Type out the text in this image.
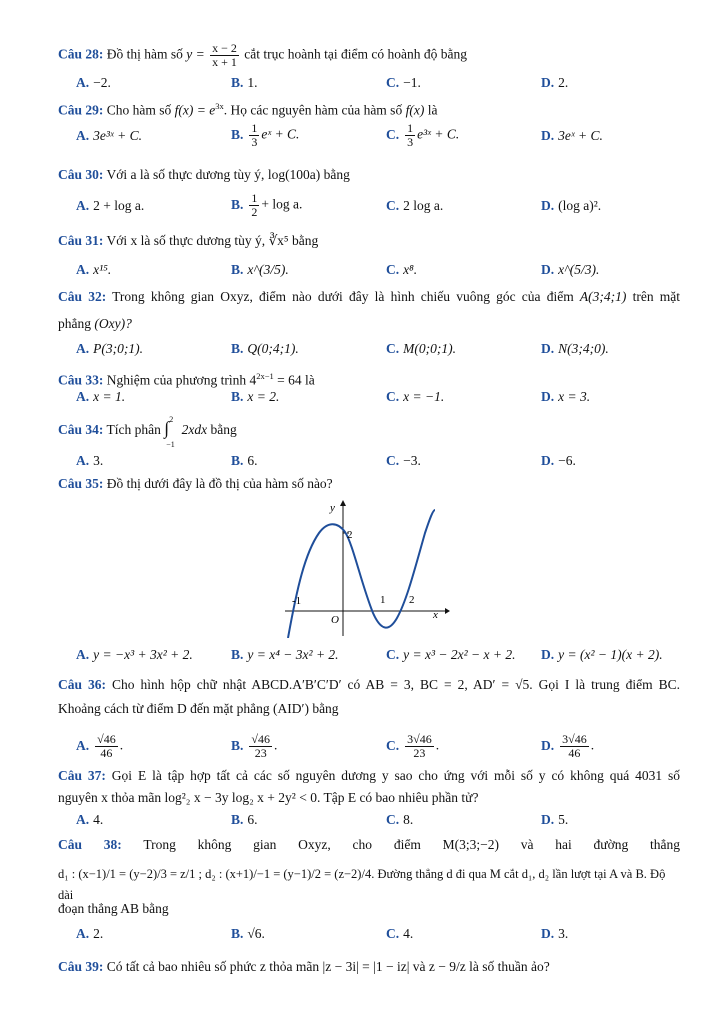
Câu 28: Đồ thị hàm số $y = \frac{x - 2}{x + 1}$ cắt trục hoành tại điểm có hoành độ bằng
A. −2.	B. 1.	C. −1.	D. 2.
Câu 29: Cho hàm số $f(x) = e^{3x}$. Họ các nguyên hàm của hàm số f(x) là
A. 3e³ˣ + C.	B. $\frac{1}{3}$ eˣ + C.	C. $\frac{1}{3}$ e³ˣ + C.	D. 3eˣ + C.
Câu 30: Với a là số thực dương tùy ý, log(100a) bằng
A. 2 + log a.	B. $\frac{1}{2} + \log a$.	C. 2 log a.	D. (log a)².
Câu 31: Với x là số thực dương tùy ý, ∛x⁵ bằng
A. x¹⁵.	B. x^(3/5).	C. x⁸.	D. x^(5/3).
Câu 32: Trong không gian Oxyz, điểm nào dưới đây là hình chiếu vuông góc của điểm A(3;4;1) trên mặt
phẳng (Oxy)?
A. P(3;0;1).	B. Q(0;4;1).	C. M(0;0;1).	D. N(3;4;0).
Câu 33: Nghiệm của phương trình $4^{2x-1} = 64$ là
A. x = 1.	B. x = 2.	C. x = −1.	D. x = 3.
Câu 34: Tích phân ∫ 2
−1
2xdx bằng
A. 3.	B. 6.	C. −3.	D. −6.
Câu 35: Đồ thị dưới đây là đồ thị của hàm số nào?
y
x
O
-1
2
1 2
A. y = −x³ + 3x² + 2.	B. y = x⁴ − 3x² + 2.	C. y = x³ − 2x² − x + 2. D. y = (x² − 1)(x + 2).
Câu 36: Cho hình hộp chữ nhật ABCD.A′B′C′D′ có AB = 3, BC = 2, AD′ = √5. Gọi I là trung điểm BC.
Khoảng cách từ điểm D đến mặt phẳng (AID′) bằng
A. $\frac{√46}{46}$ .	B. $\frac{√46}{23}$ .	C. $\frac{3√46}{23}$ .	D. $\frac{3√46}{46}$ .
Câu 37: Gọi E là tập hợp tất cả các số nguyên dương y sao cho ứng với mỗi số y có không quá 4031 số
nguyên x thỏa mãn log²₂ x − 3y log₂ x + 2y² < 0. Tập E có bao nhiêu phần tử?
A. 4.	B. 6.	C. 8.	D. 5.
Câu 38: Trong không gian Oxyz, cho điểm M(3;3;−2) và hai đường thẳng
d₁ : (x−1)/1 = (y−2)/3 = z/1 ; d₂ : (x+1)/−1 = (y−1)/2 = (z−2)/4. Đường thẳng d đi qua M cắt d₁, d₂ lần lượt tại A và B. Độ dài
đoạn thẳng AB bằng
A. 2.	B. √6.	C. 4.	D. 3.
Câu 39: Có tất cả bao nhiêu số phức z thỏa mãn |z − 3i| = |1 − iz| và z − 9/z là số thuần ảo?
